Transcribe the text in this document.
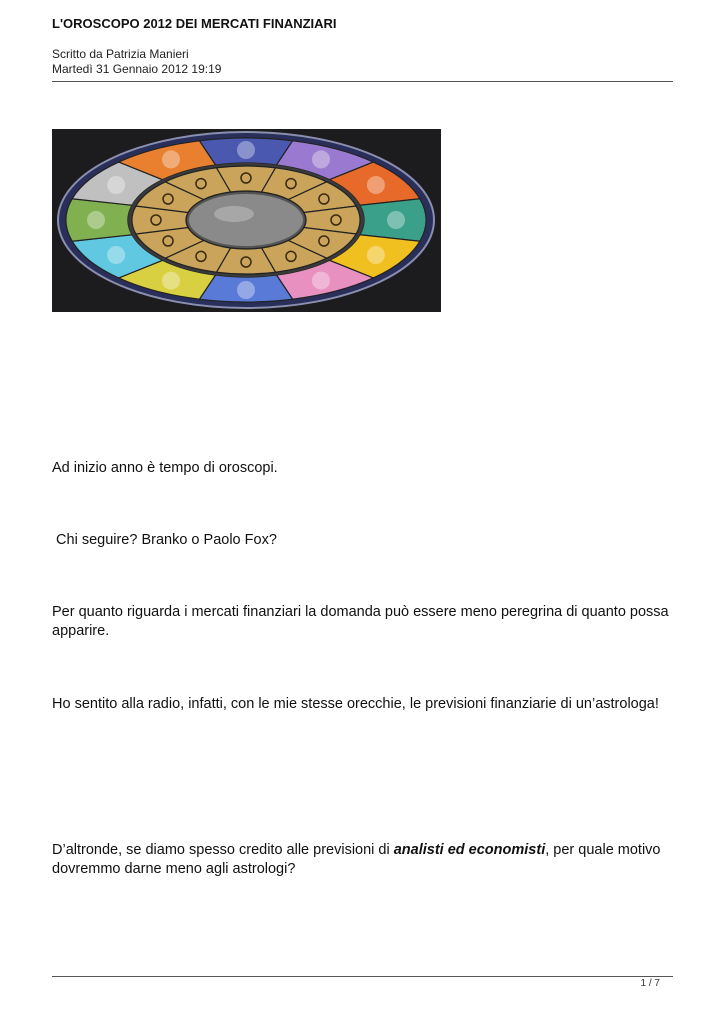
L'OROSCOPO 2012 DEI MERCATI FINANZIARI
Scritto da Patrizia Manieri
Martedì 31 Gennaio 2012 19:19
Ad inizio anno è tempo di oroscopi.
Chi seguire? Branko o Paolo Fox?
Per quanto riguarda i mercati finanziari la domanda può essere meno peregrina di quanto possa apparire.
Ho sentito alla radio, infatti, con le mie stesse orecchie, le previsioni finanziarie di un’astrologa!
D’altronde, se diamo spesso credito alle previsioni di analisti ed economisti, per quale motivo dovremmo darne meno agli astrologi?
1 / 7
